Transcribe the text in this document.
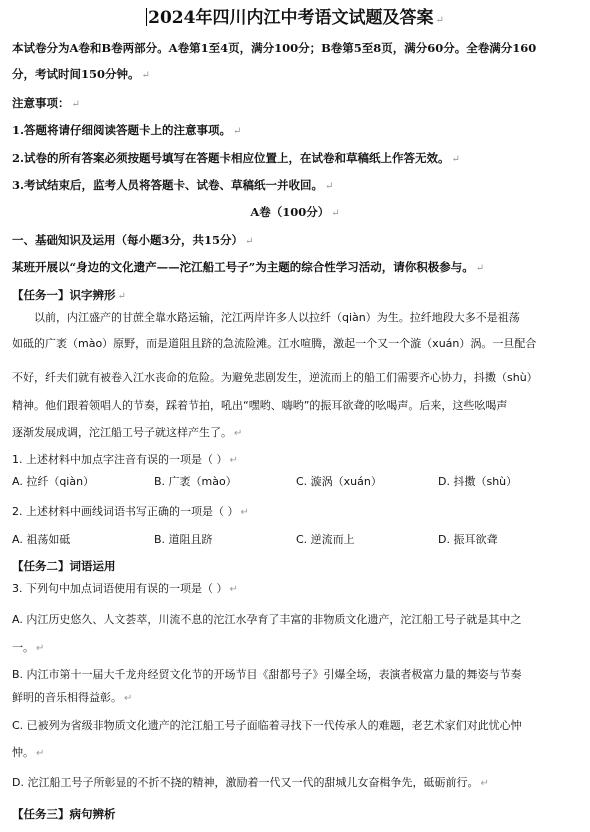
2024年四川内江中考语文试题及答案 ↵
本试卷分为A卷和B卷两部分。A卷第1至4页，满分100分；B卷第5至8页，满分60分。全卷满分160
分，考试时间150分钟。 ↵
注意事项： ↵
1.答题将请仔细阅读答题卡上的注意事项。 ↵
2.试卷的所有答案必须按题号填写在答题卡相应位置上，在试卷和草稿纸上作答无效。 ↵
3.考试结束后，监考人员将答题卡、试卷、草稿纸一并收回。 ↵
A卷（100分） ↵
一、基础知识及运用（每小题3分，共15分） ↵
某班开展以“身边的文化遗产——沱江船工号子”为主题的综合性学习活动，请你积极参与。 ↵
【任务一】识字辨形 ↵
以前，内江盛产的甘蔗全靠水路运输，沱江两岸许多人以拉纤（qiàn）为生。拉纤地段大多不是祖荡
如砥的广袤（mào）原野，而是道阻且跻的急流险滩。江水喧腾，激起一个又一个漩（xuán）涡。一旦配合
不好，纤夫们就有被卷入江水丧命的危险。为避免悲剧发生，逆流而上的船工们需要齐心协力，抖擞（shù）
精神。他们跟着领唱人的节奏，踩着节拍，吼出“嘿哟、嗨哟”的振耳欲聋的吆喝声。后来，这些吆喝声
逐渐发展成调，沱江船工号子就这样产生了。 ↵
1. 上述材料中加点字注音有误的一项是（ ） ↵
A. 拉纤（qiàn）	B. 广袤（mào）	C. 漩涡（xuán）	D. 抖擞（shù）
2. 上述材料中画线词语书写正确的一项是（ ） ↵
A. 祖荡如砥	B. 道阻且跻	C. 逆流而上	D. 振耳欲聋
【任务二】词语运用
3. 下列句中加点词语使用有误的一项是（ ） ↵
A. 内江历史悠久、人文荟萃，川流不息的沱江水孕育了丰富的非物质文化遗产，沱江船工号子就是其中之
一。 ↵
B. 内江市第十一届大千龙舟经贸文化节的开场节目《甜都号子》引爆全场，表演者极富力量的舞姿与节奏
鲜明的音乐相得益彰。 ↵
C. 已被列为省级非物质文化遗产的沱江船工号子面临着寻找下一代传承人的难题，老艺术家们对此忧心忡
忡。 ↵
D. 沱江船工号子所彰显的不折不挠的精神，激励着一代又一代的甜城儿女奋楫争先，砥砺前行。 ↵
【任务三】病句辨析
